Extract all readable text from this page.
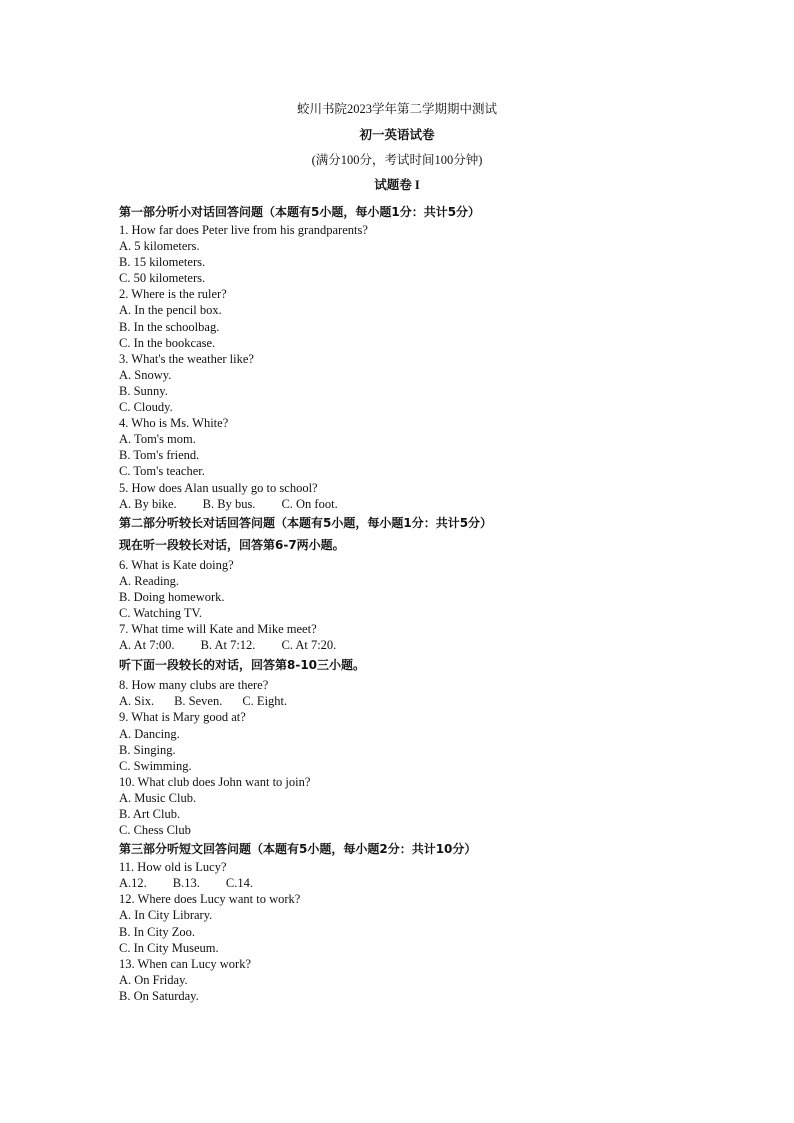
蛟川书院2023学年第二学期期中测试
初一英语试卷
(满分100分，考试时间100分钟)
试题卷 I
第一部分听小对话回答问题（本题有5小题，每小题1分：共计5分）
1. How far does Peter live from his grandparents?
A. 5 kilometers.
B. 15 kilometers.
C. 50 kilometers.
2. Where is the ruler?
A. In the pencil box.
B. In the schoolbag.
C. In the bookcase.
3. What's the weather like?
A. Snowy.
B. Sunny.
C. Cloudy.
4. Who is Ms. White?
A. Tom's mom.
B. Tom's friend.
C. Tom's teacher.
5. How does Alan usually go to school?
A. By bike. B. By bus. C. On foot.
第二部分听较长对话回答问题（本题有5小题，每小题1分：共计5分）
现在听一段较长对话，回答第6-7两小题。
6. What is Kate doing?
A. Reading.
B. Doing homework.
C. Watching TV.
7. What time will Kate and Mike meet?
A. At 7:00. B. At 7:12. C. At 7:20.
听下面一段较长的对话，回答第8-10三小题。
8. How many clubs are there?
A. Six. B. Seven. C. Eight.
9. What is Mary good at?
A. Dancing.
B. Singing.
C. Swimming.
10. What club does John want to join?
A. Music Club.
B. Art Club.
C. Chess Club
第三部分听短文回答问题（本题有5小题，每小题2分：共计10分）
11. How old is Lucy?
A.12. B.13. C.14.
12. Where does Lucy want to work?
A. In City Library.
B. In City Zoo.
C. In City Museum.
13. When can Lucy work?
A. On Friday.
B. On Saturday.
